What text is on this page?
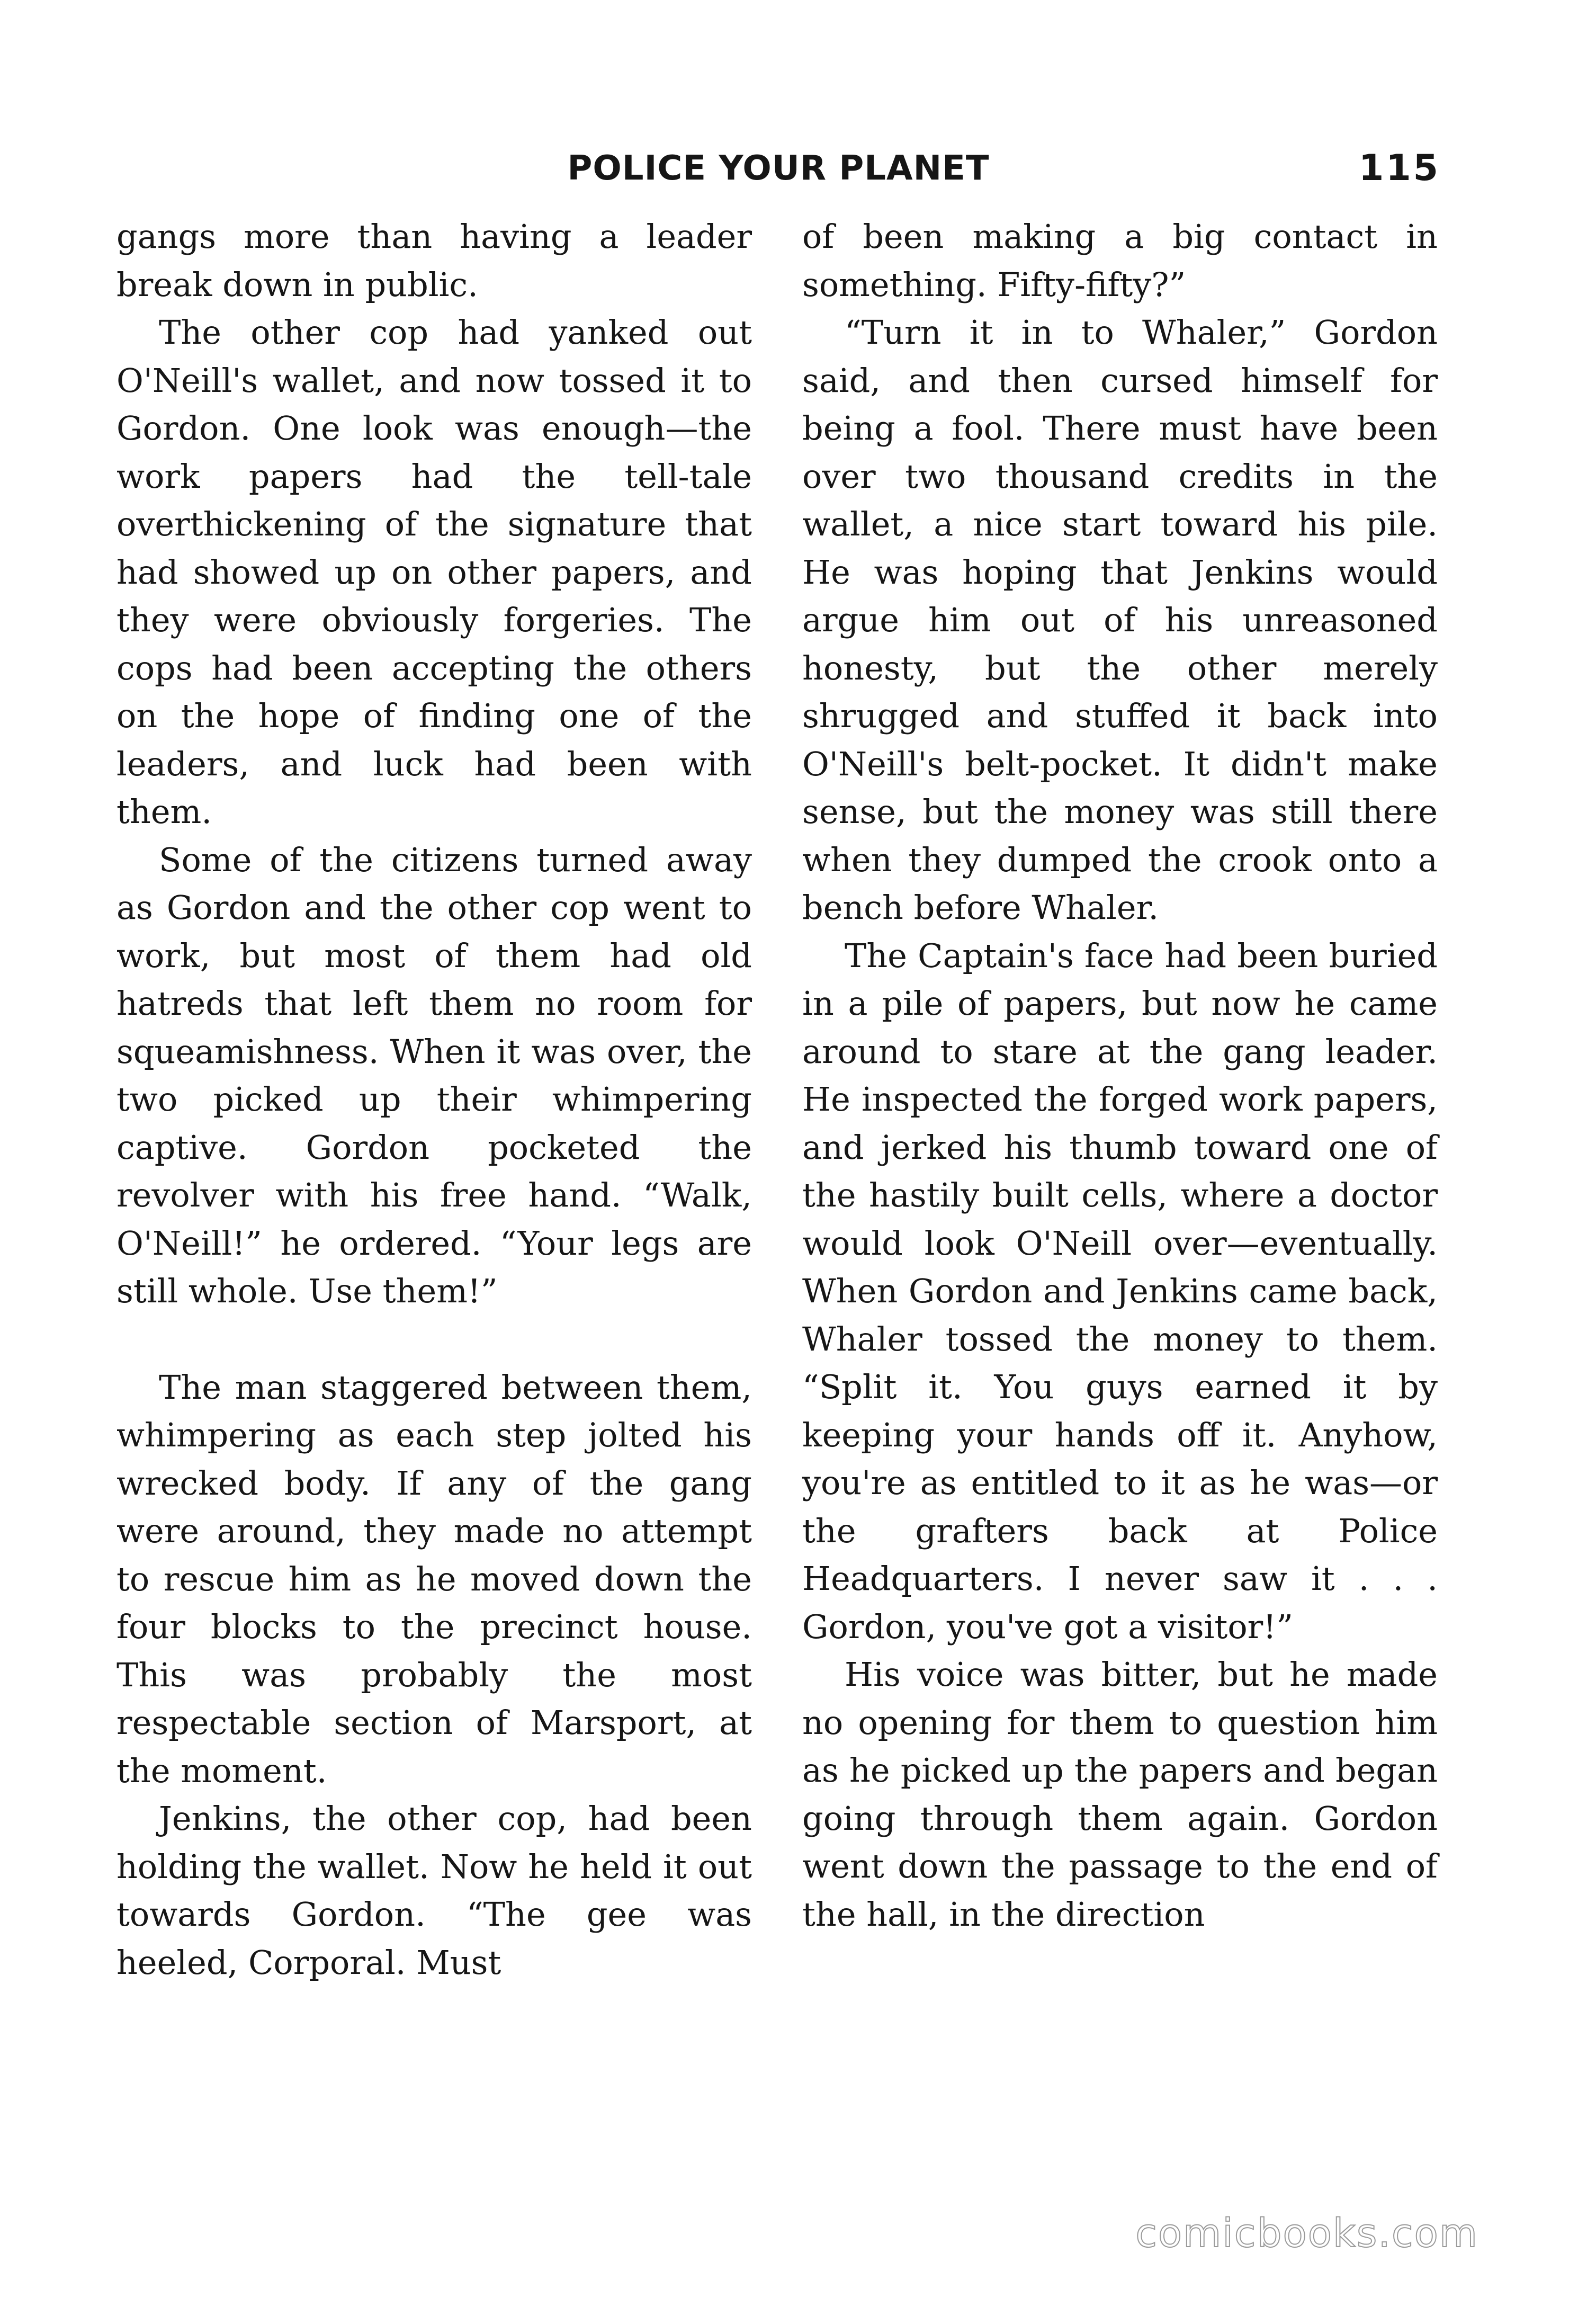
POLICE YOUR PLANET	115

gangs more than having a leader break down in public.

The other cop had yanked out O'Neill's wallet, and now tossed it to Gordon. One look was enough—the work papers had the tell-tale overthickening of the signature that had showed up on other papers, and they were obviously forgeries. The cops had been accepting the others on the hope of finding one of the leaders, and luck had been with them.

Some of the citizens turned away as Gordon and the other cop went to work, but most of them had old hatreds that left them no room for squeamishness. When it was over, the two picked up their whimpering captive. Gordon pocketed the revolver with his free hand. “Walk, O'Neill!” he ordered. “Your legs are still whole. Use them!”

The man staggered between them, whimpering as each step jolted his wrecked body. If any of the gang were around, they made no attempt to rescue him as he moved down the four blocks to the precinct house. This was probably the most respectable section of Marsport, at the moment.

Jenkins, the other cop, had been holding the wallet. Now he held it out towards Gordon. “The gee was heeled, Corporal. Must

of been making a big contact in something. Fifty-fifty?”

“Turn it in to Whaler,” Gordon said, and then cursed himself for being a fool. There must have been over two thousand credits in the wallet, a nice start toward his pile. He was hoping that Jenkins would argue him out of his unreasoned honesty, but the other merely shrugged and stuffed it back into O'Neill's belt-pocket. It didn't make sense, but the money was still there when they dumped the crook onto a bench before Whaler.

The Captain's face had been buried in a pile of papers, but now he came around to stare at the gang leader. He inspected the forged work papers, and jerked his thumb toward one of the hastily built cells, where a doctor would look O'Neill over—eventually. When Gordon and Jenkins came back, Whaler tossed the money to them. “Split it. You guys earned it by keeping your hands off it. Anyhow, you're as entitled to it as he was—or the grafters back at Police Headquarters. I never saw it . . . Gordon, you've got a visitor!”

His voice was bitter, but he made no opening for them to question him as he picked up the papers and began going through them again. Gordon went down the passage to the end of the hall, in the direction

comicbooks.com
